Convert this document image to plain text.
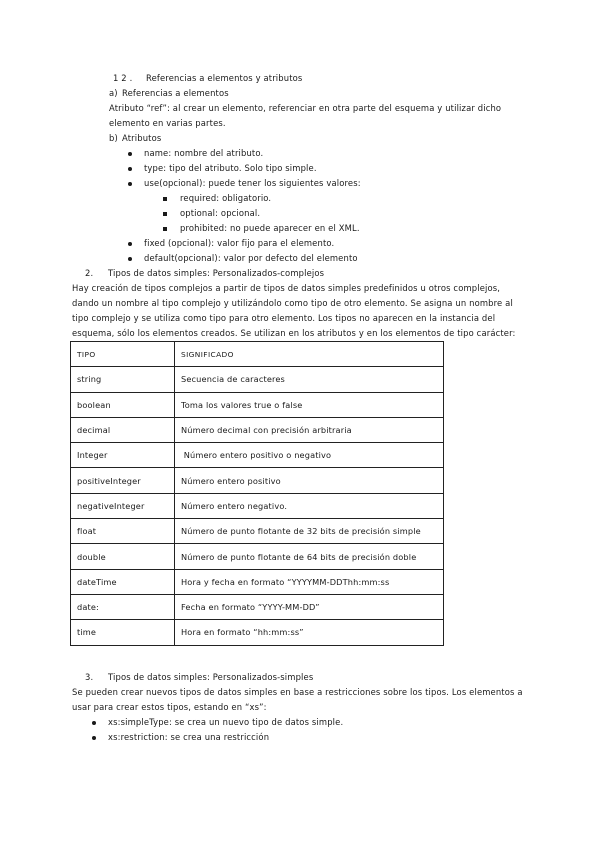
1 2 . Referencias a elementos y atributos
a) Referencias a elementos
Atributo “ref”: al crear un elemento, referenciar en otra parte del esquema y utilizar dicho
elemento en varias partes.
b) Atributos
name: nombre del atributo.
type: tipo del atributo. Solo tipo simple.
use(opcional): puede tener los siguientes valores:
required: obligatorio.
optional: opcional.
prohibited: no puede aparecer en el XML.
fixed (opcional): valor fijo para el elemento.
default(opcional): valor por defecto del elemento
2. Tipos de datos simples: Personalizados-complejos
Hay creación de tipos complejos a partir de tipos de datos simples predefinidos u otros complejos,
dando un nombre al tipo complejo y utilizándolo como tipo de otro elemento. Se asigna un nombre al
tipo complejo y se utiliza como tipo para otro elemento. Los tipos no aparecen en la instancia del
esquema, sólo los elementos creados. Se utilizan en los atributos y en los elementos de tipo carácter:
TIPO	SIGNIFICADO
string	Secuencia de caracteres
boolean	Toma los valores true o false
decimal	Número decimal con precisión arbitraria
Integer	Número entero positivo o negativo
positiveInteger	Número entero positivo
negativeInteger	Número entero negativo.
float	Número de punto flotante de 32 bits de precisión simple
double	Número de punto flotante de 64 bits de precisión doble
dateTime	Hora y fecha en formato “YYYYMM-DDThh:mm:ss
date:	Fecha en formato “YYYY-MM-DD”
time	Hora en formato “hh:mm:ss”
3. Tipos de datos simples: Personalizados-simples
Se pueden crear nuevos tipos de datos simples en base a restricciones sobre los tipos. Los elementos a
usar para crear estos tipos, estando en “xs”:
xs:simpleType: se crea un nuevo tipo de datos simple.
xs:restriction: se crea una restricción
